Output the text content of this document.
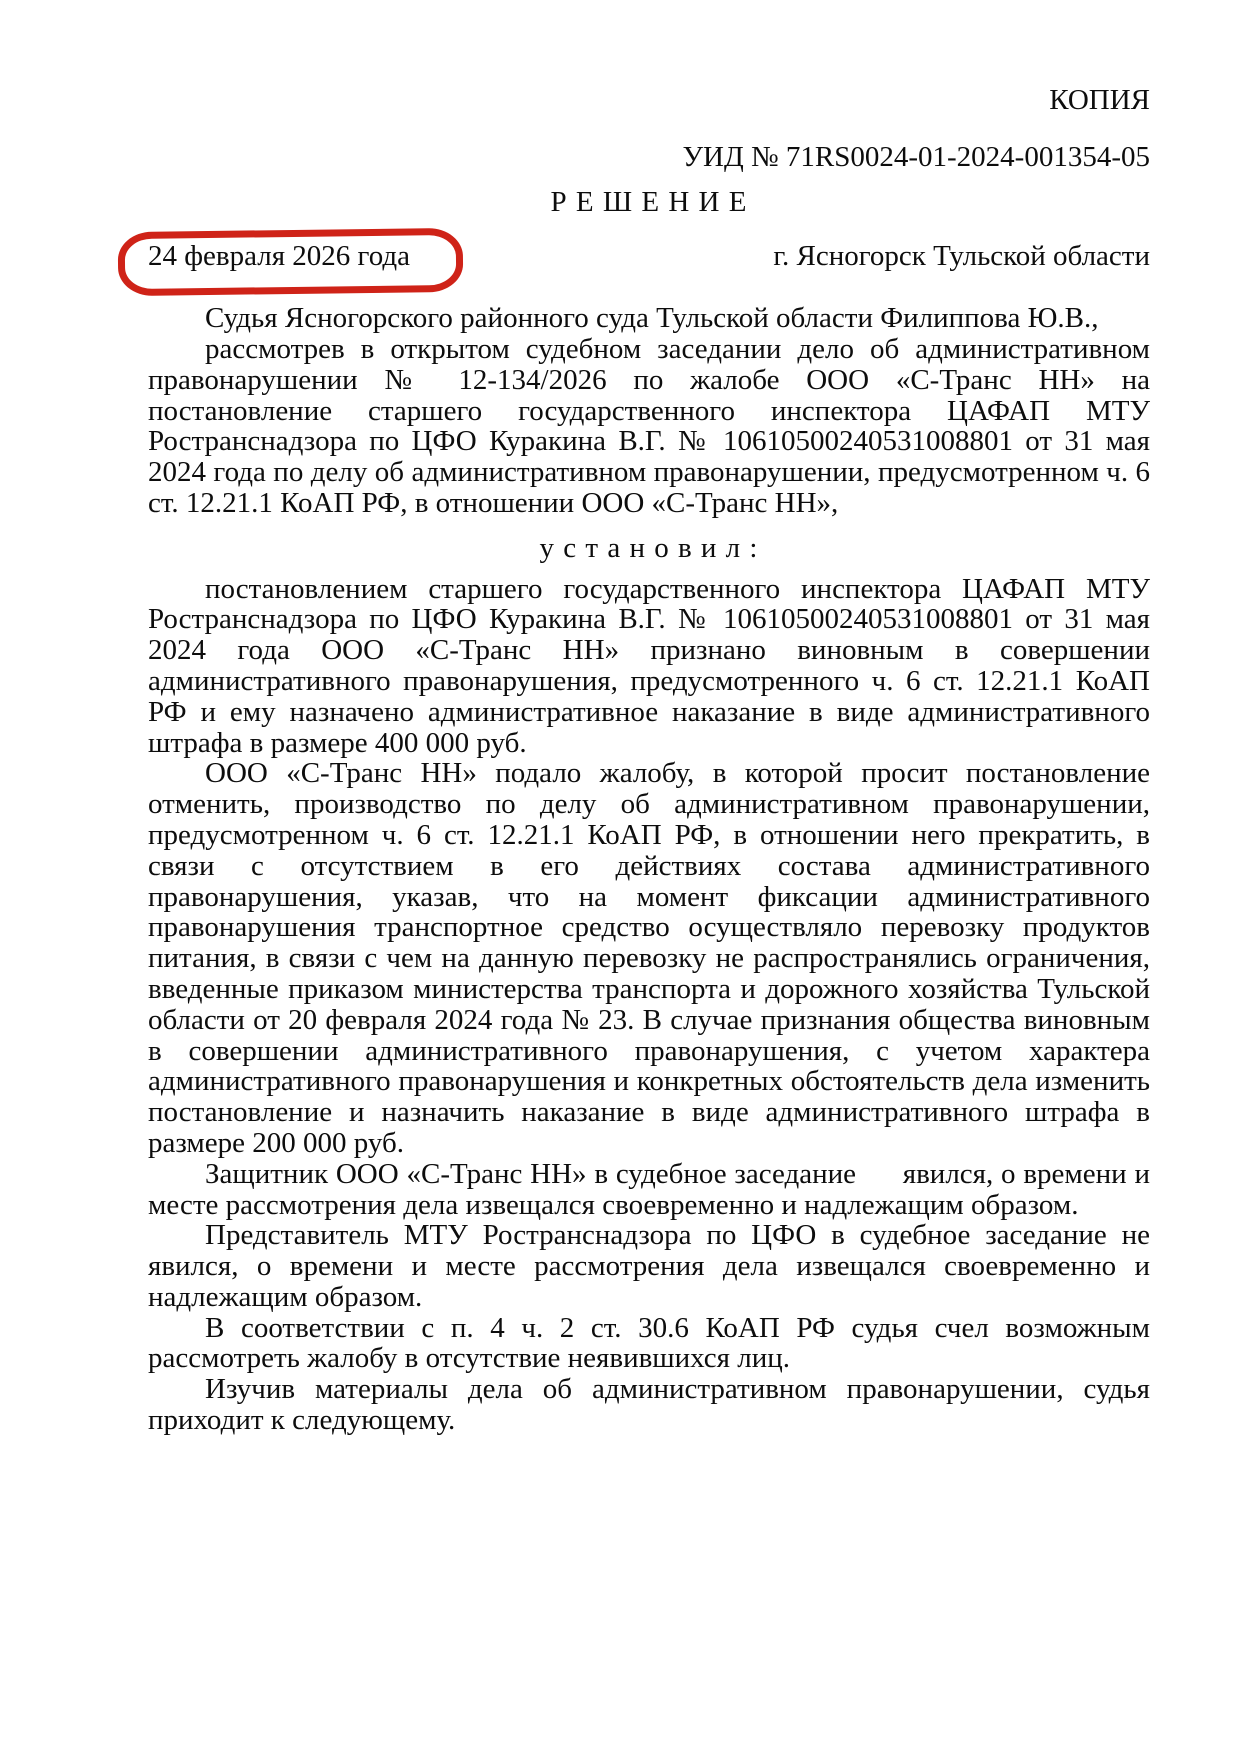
КОПИЯ
УИД № 71RS0024-01-2024-001354-05
Р Е Ш Е Н И Е
24 февраля 2026 года	г. Ясногорск Тульской области

Судья Ясногорского районного суда Тульской области Филиппова Ю.В.,

рассмотрев в открытом судебном заседании дело об административном правонарушении № 12-134/2026 по жалобе ООО «С-Транс НН» на постановление старшего государственного инспектора ЦАФАП МТУ Ространснадзора по ЦФО Куракина В.Г. № 10610500240531008801 от 31 мая 2024 года по делу об административном правонарушении, предусмотренном ч. 6 ст. 12.21.1 КоАП РФ, в отношении ООО «С-Транс НН»,

у с т а н о в и л :

постановлением старшего государственного инспектора ЦАФАП МТУ Ространснадзора по ЦФО Куракина В.Г. № 10610500240531008801 от 31 мая 2024 года ООО «С-Транс НН» признано виновным в совершении административного правонарушения, предусмотренного ч. 6 ст. 12.21.1 КоАП РФ и ему назначено административное наказание в виде административного штрафа в размере 400 000 руб.

ООО «С-Транс НН» подало жалобу, в которой просит постановление отменить, производство по делу об административном правонарушении, предусмотренном ч. 6 ст. 12.21.1 КоАП РФ, в отношении него прекратить, в связи с отсутствием в его действиях состава административного правонарушения, указав, что на момент фиксации административного правонарушения транспортное средство осуществляло перевозку продуктов питания, в связи с чем на данную перевозку не распространялись ограничения, введенные приказом министерства транспорта и дорожного хозяйства Тульской области от 20 февраля 2024 года № 23. В случае признания общества виновным в совершении административного правонарушения, с учетом характера административного правонарушения и конкретных обстоятельств дела изменить постановление и назначить наказание в виде административного штрафа в размере 200 000 руб.

Защитник ООО «С-Транс НН» в судебное заседание      явился, о времени и месте рассмотрения дела извещался своевременно и надлежащим образом.

Представитель МТУ Ространснадзора по ЦФО в судебное заседание не явился, о времени и месте рассмотрения дела извещался своевременно и надлежащим образом.

В соответствии с п. 4 ч. 2 ст. 30.6 КоАП РФ судья счел возможным рассмотреть жалобу в отсутствие неявившихся лиц.

Изучив материалы дела об административном правонарушении, судья приходит к следующему.
